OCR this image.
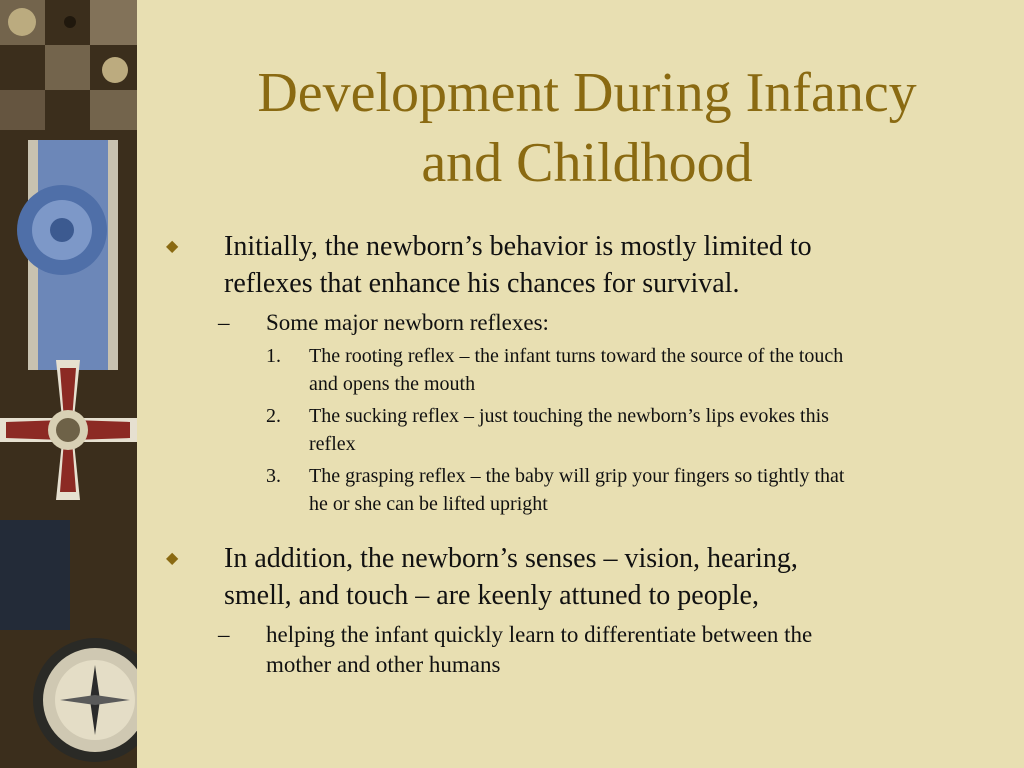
Development During Infancy
and Childhood
◆ Initially, the newborn’s behavior is mostly limited to
reflexes that enhance his chances for survival.
– Some major newborn reflexes:
1. The rooting reflex – the infant turns toward the source of the touch
and opens the mouth
2. The sucking reflex – just touching the newborn’s lips evokes this
reflex
3. The grasping reflex – the baby will grip your fingers so tightly that
he or she can be lifted upright
◆ In addition, the newborn’s senses – vision, hearing,
smell, and touch – are keenly attuned to people,
– helping the infant quickly learn to differentiate between the
mother and other humans
